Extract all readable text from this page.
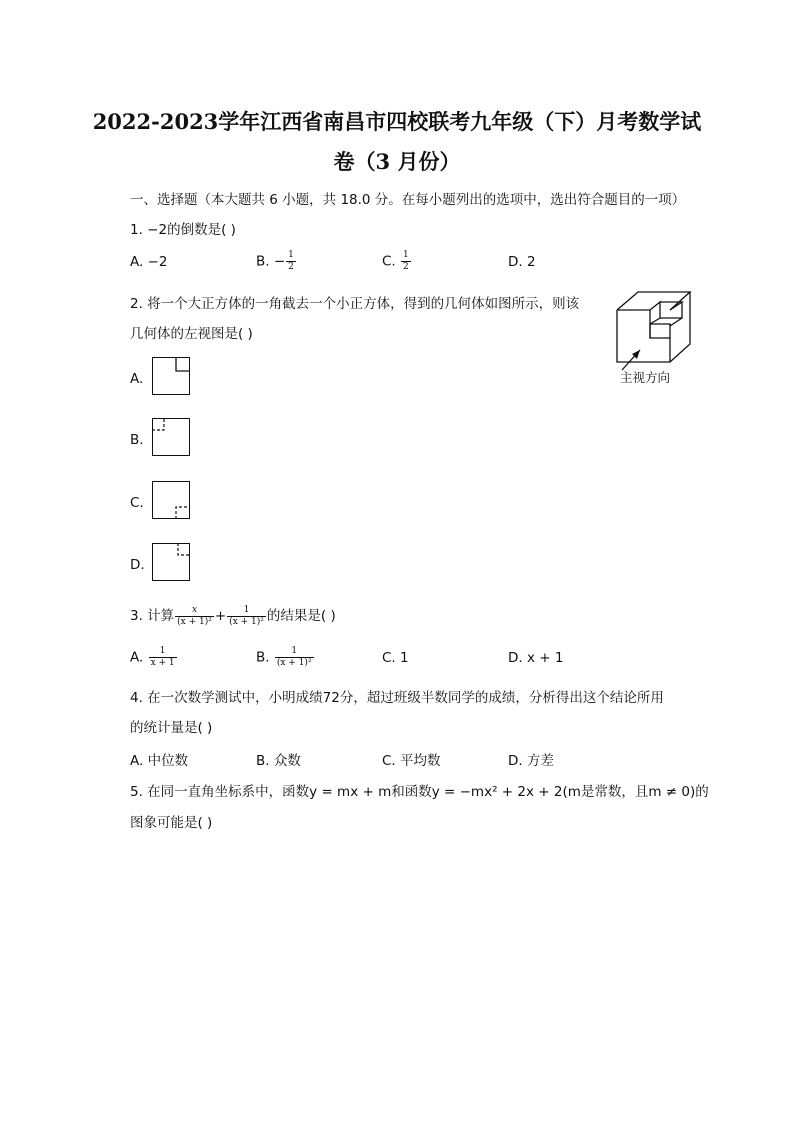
2022-2023学年江西省南昌市四校联考九年级（下）月考数学试
卷（3 月份）
一、选择题（本大题共 6 小题，共 18.0 分。在每小题列出的选项中，选出符合题目的一项）
1. −2的倒数是( )
A. −2	B. − $\frac{1}{2}$	C. $\frac{1}{2}$	D. 2
2. 将一个大正方体的一角截去一个小正方体，得到的几何体如图所示，则该
几何体的左视图是( )
主视方向
A.
B.
C.
D.
3. 计算 $\frac{x}{\text{(x + 1)²}} + \frac{1}{\text{(x + 1)²}}$ 的结果是( )
A. $\frac{1}{x + 1}$	B. $\frac{1}{\text{(x + 1)²}}$	C. 1	D. x + 1
4. 在一次数学测试中，小明成绩72分，超过班级半数同学的成绩，分析得出这个结论所用
的统计量是( )
A. 中位数	B. 众数	C. 平均数	D. 方差
5. 在同一直角坐标系中，函数y = mx + m和函数y = −mx² + 2x + 2(m是常数，且m ≠ 0)的
图象可能是( )
